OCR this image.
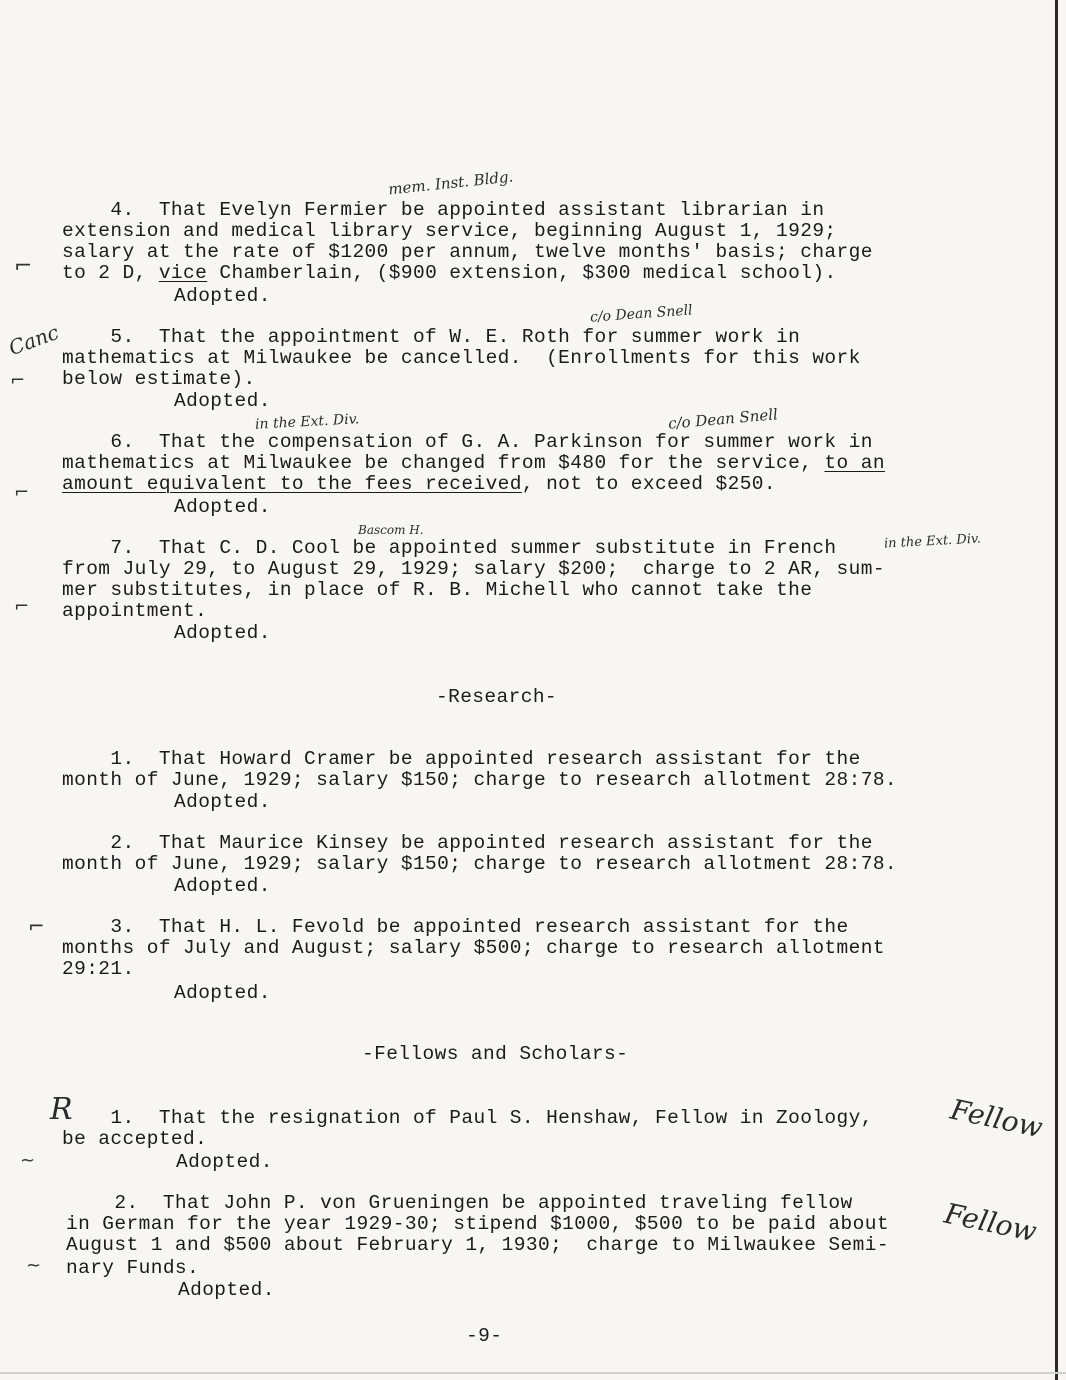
mem. Inst. Bldg.
4.  That Evelyn Fermier be appointed assistant librarian in
extension and medical library service, beginning August 1, 1929;
salary at the rate of $1200 per annum, twelve months' basis; charge
to 2 D, vice Chamberlain, ($900 extension, $300 medical school).
Adopted.
c/o Dean Snell
Canc 5.  That the appointment of W. E. Roth for summer work in
mathematics at Milwaukee be cancelled.  (Enrollments for this work
below estimate).
Adopted.
in the Ext. Div.	c/o Dean Snell
6.  That the compensation of G. A. Parkinson for summer work in
mathematics at Milwaukee be changed from $480 for the service, to an
amount equivalent to the fees received, not to exceed $250.
Adopted.
Bascom H.
in the Ext. Div.
7.  That C. D. Cool be appointed summer substitute in French
from July 29, to August 29, 1929; salary $200;  charge to 2 AR, sum-
mer substitutes, in place of R. B. Michell who cannot take the
appointment.
Adopted.
-Research-
1.  That Howard Cramer be appointed research assistant for the
month of June, 1929; salary $150; charge to research allotment 28:78.
Adopted.
2.  That Maurice Kinsey be appointed research assistant for the
month of June, 1929; salary $150; charge to research allotment 28:78.
Adopted.
3.  That H. L. Fevold be appointed research assistant for the
months of July and August; salary $500; charge to research allotment
29:21.
Adopted.
-Fellows and Scholars-
R	Fellow
1.  That the resignation of Paul S. Henshaw, Fellow in Zoology,
be accepted.
Adopted.
Fellow
2.  That John P. von Grueningen be appointed traveling fellow
in German for the year 1929-30; stipend $1000, $500 to be paid about
August 1 and $500 about February 1, 1930;  charge to Milwaukee Semi-
nary Funds.
Adopted.
⌐
⌐
⌐
⌐
⌐
~
~
-9-
